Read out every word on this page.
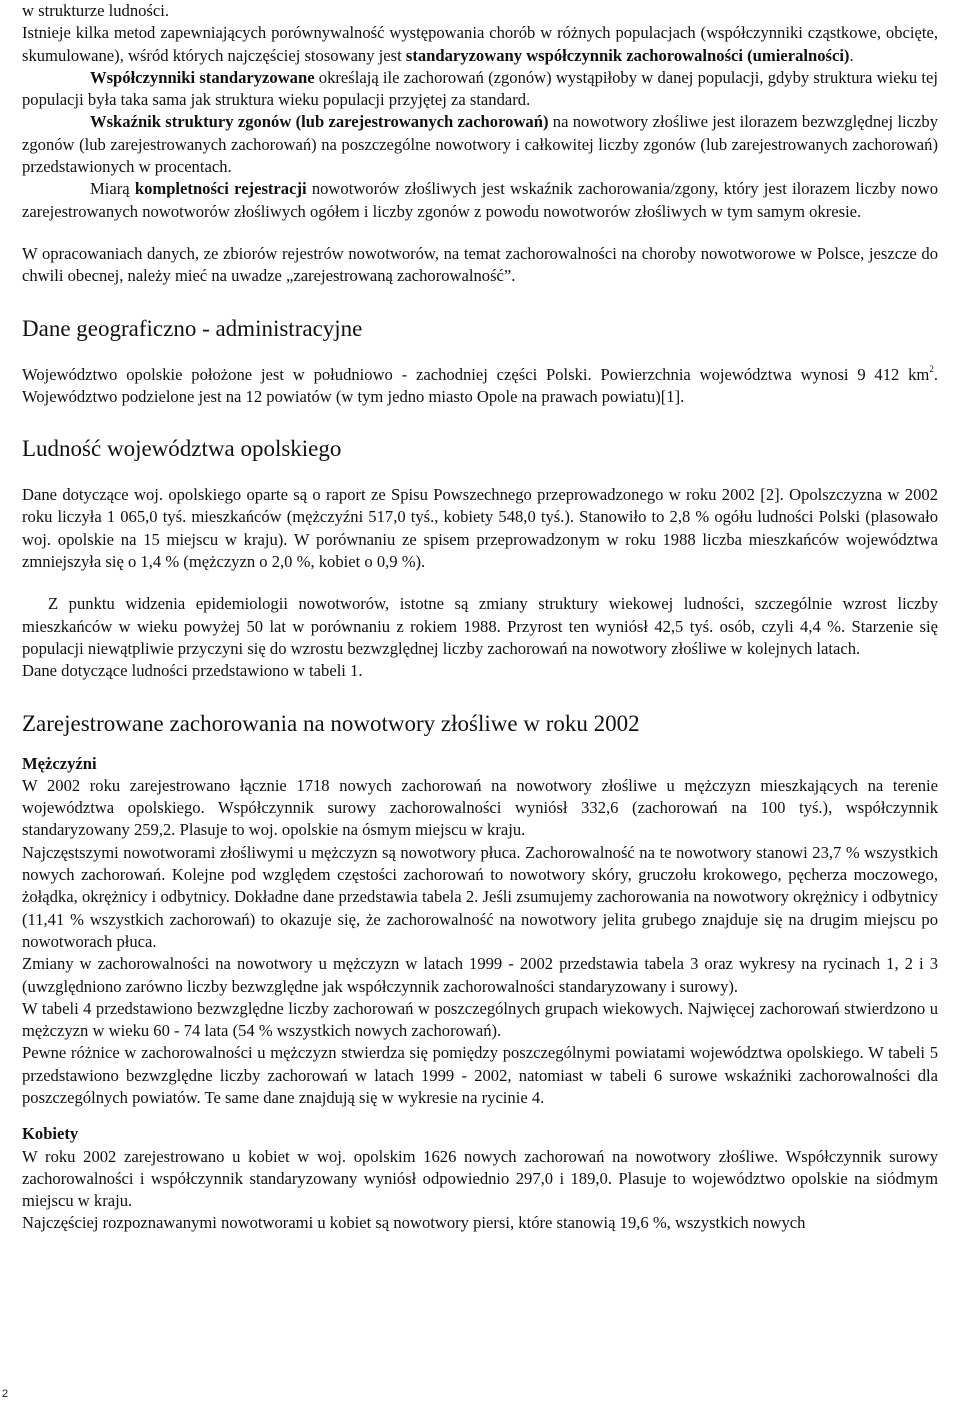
w strukturze ludności.

Istnieje kilka metod zapewniających porównywalność występowania chorób w różnych populacjach (współczynniki cząstkowe, obcięte, skumulowane), wśród których najczęściej stosowany jest standaryzowany współczynnik zachorowalności (umieralności).

Współczynniki standaryzowane określają ile zachorowań (zgonów) wystąpiłoby w danej populacji, gdyby struktura wieku tej populacji była taka sama jak struktura wieku populacji przyjętej za standard.

Wskaźnik struktury zgonów (lub zarejestrowanych zachorowań) na nowotwory złośliwe jest ilorazem bezwzględnej liczby zgonów (lub zarejestrowanych zachorowań) na poszczególne nowotwory i całkowitej liczby zgonów (lub zarejestrowanych zachorowań) przedstawionych w procentach.

Miarą kompletności rejestracji nowotworów złośliwych jest wskaźnik zachorowania/zgony, który jest ilorazem liczby nowo zarejestrowanych nowotworów złośliwych ogółem i liczby zgonów z powodu nowotworów złośliwych w tym samym okresie.

W opracowaniach danych, ze zbiorów rejestrów nowotworów, na temat zachorowalności na choroby nowotworowe w Polsce, jeszcze do chwili obecnej, należy mieć na uwadze „zarejestrowaną zachorowalność”.

Dane geograficzno - administracyjne

Województwo opolskie położone jest w południowo - zachodniej części Polski. Powierzchnia województwa wynosi 9 412 $km^2$. Województwo podzielone jest na 12 powiatów (w tym jedno miasto Opole na prawach powiatu)[1].

Ludność województwa opolskiego

Dane dotyczące woj. opolskiego oparte są o raport ze Spisu Powszechnego przeprowadzonego w roku 2002 [2]. Opolszczyzna w 2002 roku liczyła 1 065,0 tyś. mieszkańców (mężczyźni 517,0 tyś., kobiety 548,0 tyś.). Stanowiło to 2,8 % ogółu ludności Polski (plasowało woj. opolskie na 15 miejscu w kraju). W porównaniu ze spisem przeprowadzonym w roku 1988 liczba mieszkańców województwa zmniejszyła się o 1,4 % (mężczyzn o 2,0 %, kobiet o 0,9 %).

Z punktu widzenia epidemiologii nowotworów, istotne są zmiany struktury wiekowej ludności, szczególnie wzrost liczby mieszkańców w wieku powyżej 50 lat w porównaniu z rokiem 1988. Przyrost ten wyniósł 42,5 tyś. osób, czyli 4,4 %. Starzenie się populacji niewątpliwie przyczyni się do wzrostu bezwzględnej liczby zachorowań na nowotwory złośliwe w kolejnych latach.

Dane dotyczące ludności przedstawiono w tabeli 1.

Zarejestrowane zachorowania na nowotwory złośliwe w roku 2002
Mężczyźni

W 2002 roku zarejestrowano łącznie 1718 nowych zachorowań na nowotwory złośliwe u mężczyzn mieszkających na terenie województwa opolskiego. Współczynnik surowy zachorowalności wyniósł 332,6 (zachorowań na 100 tyś.), współczynnik standaryzowany 259,2. Plasuje to woj. opolskie na ósmym miejscu w kraju.

Najczęstszymi nowotworami złośliwymi u mężczyzn są nowotwory płuca. Zachorowalność na te nowotwory stanowi 23,7 % wszystkich nowych zachorowań. Kolejne pod względem częstości zachorowań to nowotwory skóry, gruczołu krokowego, pęcherza moczowego, żołądka, okrężnicy i odbytnicy. Dokładne dane przedstawia tabela 2. Jeśli zsumujemy zachorowania na nowotwory okrężnicy i odbytnicy (11,41 % wszystkich zachorowań) to okazuje się, że zachorowalność na nowotwory jelita grubego znajduje się na drugim miejscu po nowotworach płuca.

Zmiany w zachorowalności na nowotwory u mężczyzn w latach 1999 - 2002 przedstawia tabela 3 oraz wykresy na rycinach 1, 2 i 3 (uwzględniono zarówno liczby bezwzględne jak współczynnik zachorowalności standaryzowany i surowy).

W tabeli 4 przedstawiono bezwzględne liczby zachorowań w poszczególnych grupach wiekowych. Najwięcej zachorowań stwierdzono u mężczyzn w wieku 60 - 74 lata (54 % wszystkich nowych zachorowań).

Pewne różnice w zachorowalności u mężczyzn stwierdza się pomiędzy poszczególnymi powiatami województwa opolskiego. W tabeli 5 przedstawiono bezwzględne liczby zachorowań w latach 1999 - 2002, natomiast w tabeli 6 surowe wskaźniki zachorowalności dla poszczególnych powiatów. Te same dane znajdują się w wykresie na rycinie 4.

Kobiety

W roku 2002 zarejestrowano u kobiet w woj. opolskim 1626 nowych zachorowań na nowotwory złośliwe. Współczynnik surowy zachorowalności i współczynnik standaryzowany wyniósł odpowiednio 297,0 i 189,0. Plasuje to województwo opolskie na siódmym miejscu w kraju.

Najczęściej rozpoznawanymi nowotworami u kobiet są nowotwory piersi, które stanowią 19,6 %, wszystkich nowych

2
